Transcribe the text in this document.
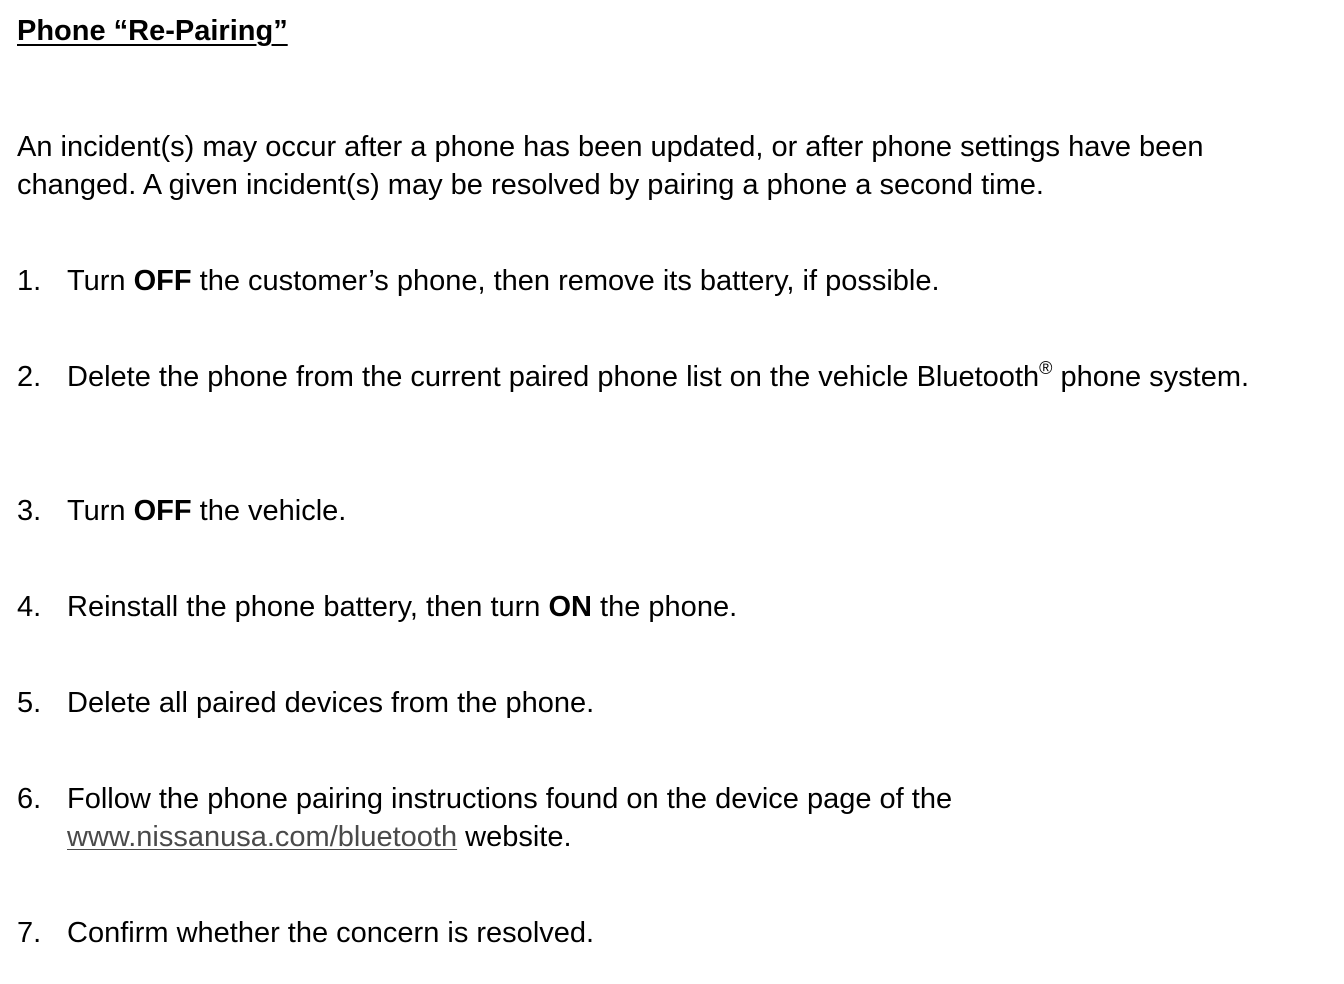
Phone “Re-Pairing”

An incident(s) may occur after a phone has been updated, or after phone settings have been changed. A given incident(s) may be resolved by pairing a phone a second time.

1. Turn OFF the customer’s phone, then remove its battery, if possible.
2. Delete the phone from the current paired phone list on the vehicle Bluetooth® phone system.
3. Turn OFF the vehicle.
4. Reinstall the phone battery, then turn ON the phone.
5. Delete all paired devices from the phone.
6. Follow the phone pairing instructions found on the device page of the www.nissanusa.com/bluetooth website.
7. Confirm whether the concern is resolved.
